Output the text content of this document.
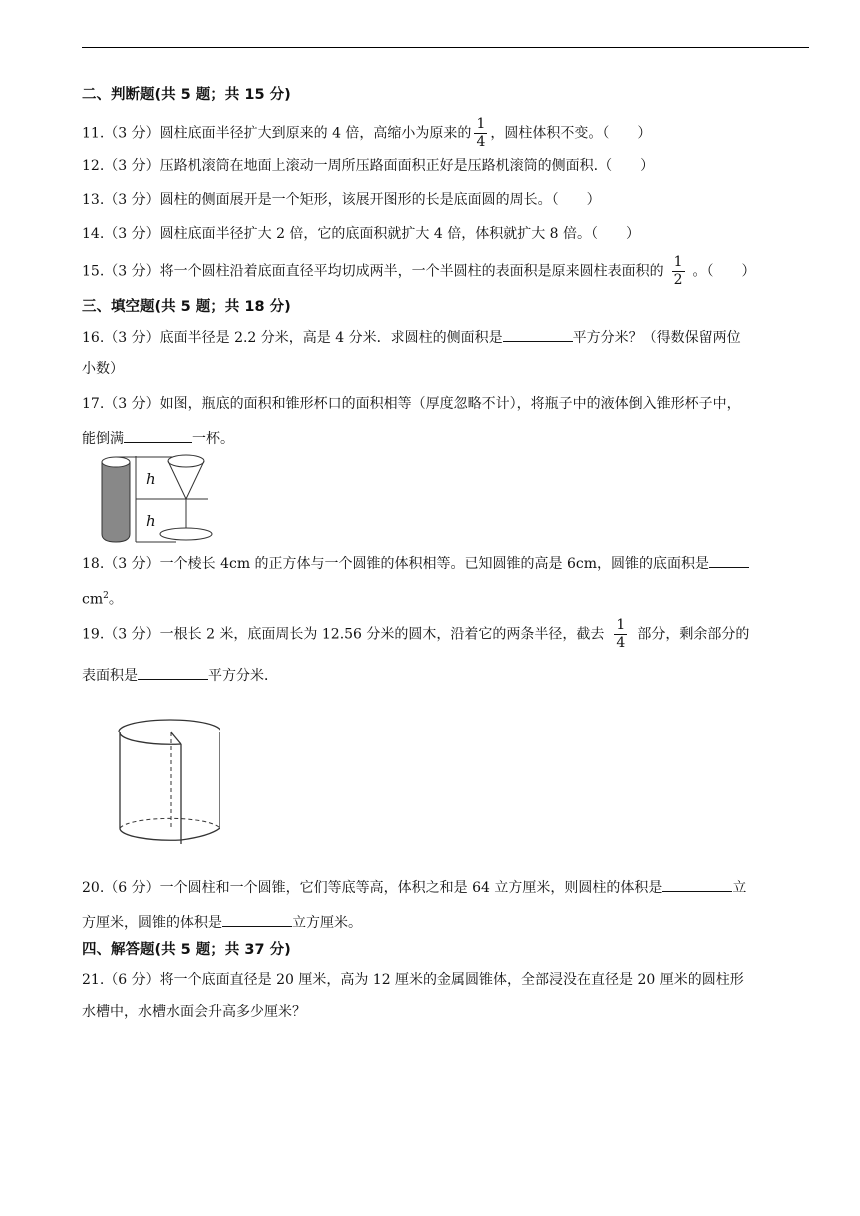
二、判断题(共 5 题；共 15 分)
11.（3 分）圆柱底面半径扩大到原来的 4 倍，高缩小为原来的 $\frac{1}{4}$ ，圆柱体积不变。（　　）
12.（3 分）压路机滚筒在地面上滚动一周所压路面面积正好是压路机滚筒的侧面积.（　　）
13.（3 分）圆柱的侧面展开是一个矩形，该展开图形的长是底面圆的周长。（　　）
14.（3 分）圆柱底面半径扩大 2 倍，它的底面积就扩大 4 倍，体积就扩大 8 倍。（　　）
15.（3 分）将一个圆柱沿着底面直径平均切成两半，一个半圆柱的表面积是原来圆柱表面积的 $\frac{1}{2}$ 。（　　）
三、填空题(共 5 题；共 18 分)
16.（3 分）底面半径是 2.2 分米，高是 4 分米．求圆柱的侧面积是	平方分米？（得数保留两位
小数）
17.（3 分）如图，瓶底的面积和锥形杯口的面积相等（厚度忽略不计），将瓶子中的液体倒入锥形杯子中，
能倒满	一杯。
h
h
18.（3 分）一个棱长 4cm 的正方体与一个圆锥的体积相等。已知圆锥的高是 6cm，圆锥的底面积是
$cm^2$。
19.（3 分）一根长 2 米，底面周长为 12.56 分米的圆木，沿着它的两条半径，截去 $\frac{1}{4}$ 部分，剩余部分的
表面积是	平方分米．
20.（6 分）一个圆柱和一个圆锥，它们等底等高，体积之和是 64 立方厘米，则圆柱的体积是	立
方厘米，圆锥的体积是	立方厘米。
四、解答题(共 5 题；共 37 分)
21.（6 分）将一个底面直径是 20 厘米，高为 12 厘米的金属圆锥体，全部浸没在直径是 20 厘米的圆柱形
水槽中，水槽水面会升高多少厘米？
